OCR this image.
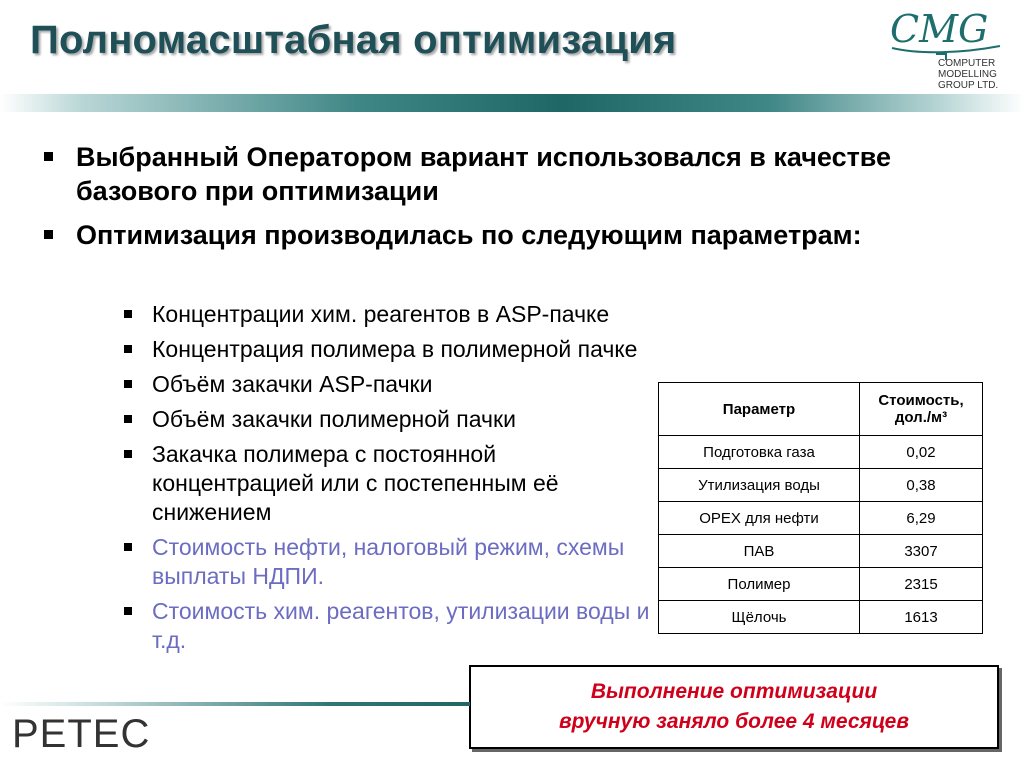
Полномасштабная оптимизация	CMG
COMPUTER
MODELLING
GROUP LTD.
Выбранный Оператором вариант использовался в качестве базового при оптимизации
Оптимизация производилась по следующим параметрам:
Концентрации хим. реагентов в ASP-пачке
Концентрация полимера в полимерной пачке
Объём закачки ASP-пачки
Объём закачки полимерной пачки
Закачка полимера с постоянной концентрацией или с постепенным её снижением
Стоимость нефти, налоговый режим, схемы выплаты НДПИ.
Стоимость хим. реагентов, утилизации воды и т.д.
Параметр	Стоимость, дол./м³
Подготовка газа	0,02
Утилизация воды	0,38
OPEX для нефти	6,29
ПАВ	3307
Полимер	2315
Щёлочь	1613
Выполнение оптимизации
вручную заняло более 4 месяцев
PETEC
